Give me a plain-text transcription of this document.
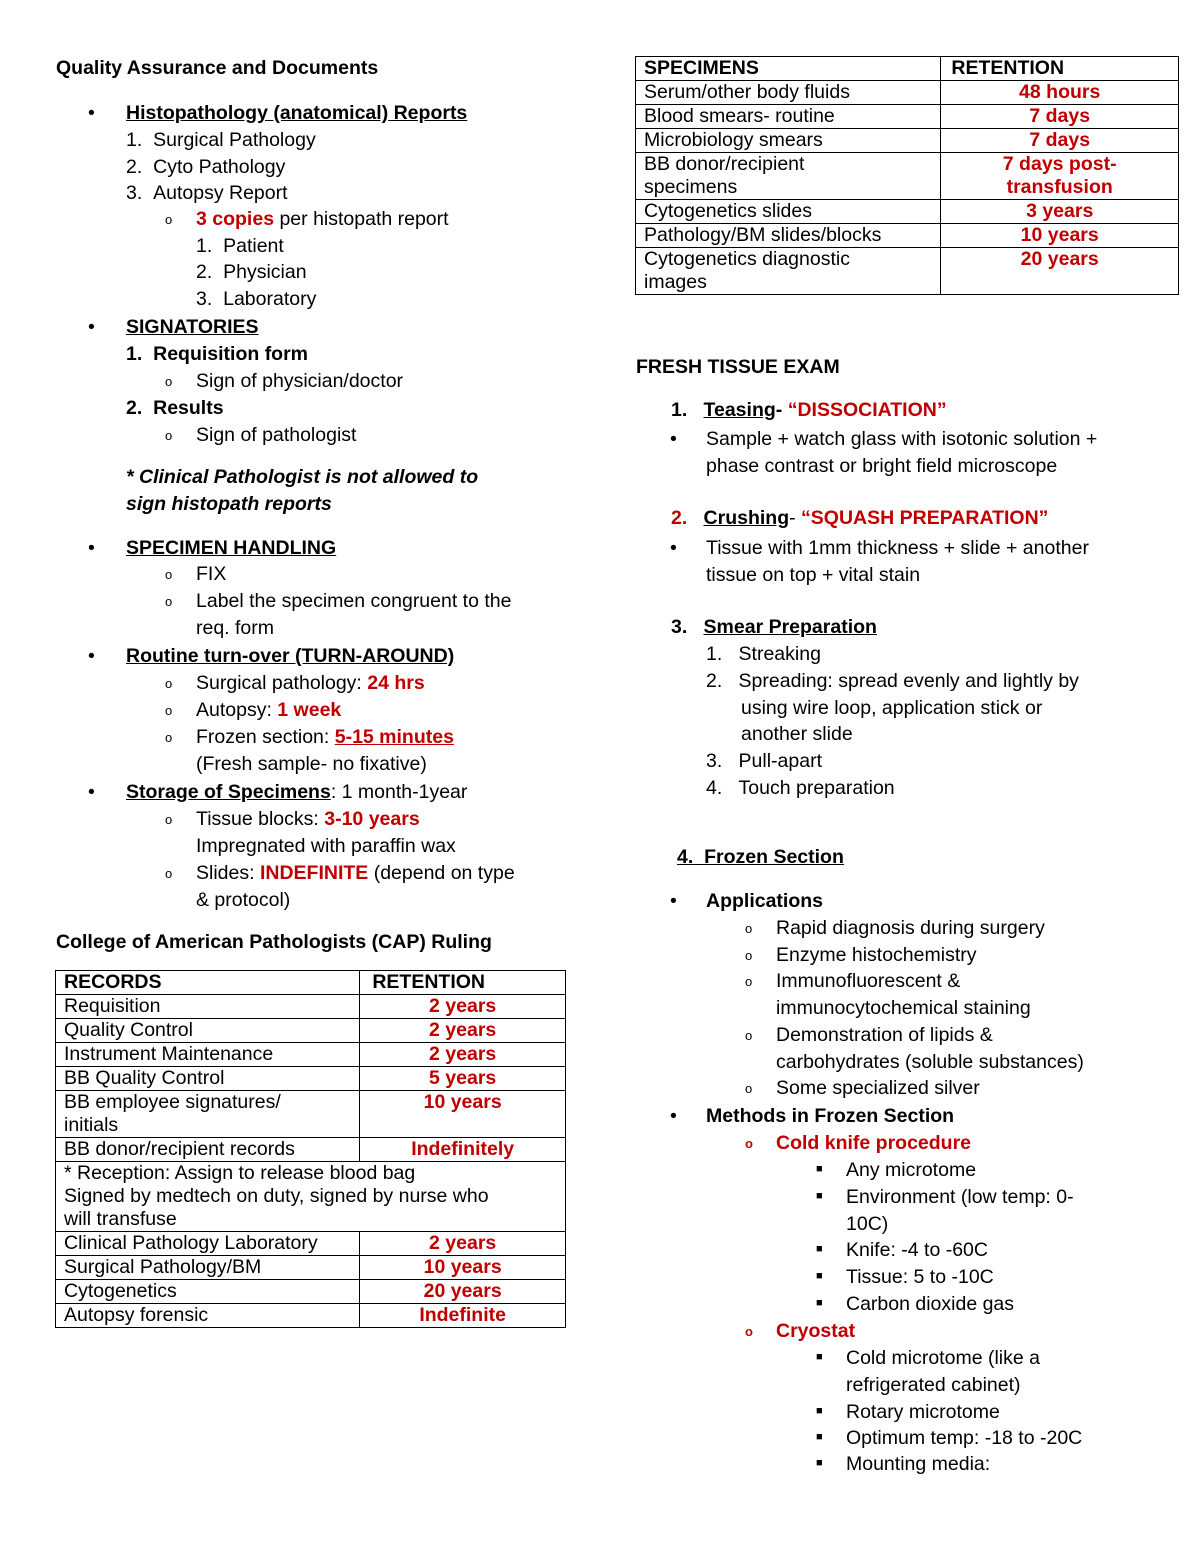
Quality Assurance and Documents
•
Histopathology (anatomical) Reports
1.  Surgical Pathology
2.  Cyto Pathology
3.  Autopsy Report
o 3 copies per histopath report
1.  Patient
2.  Physician
3.  Laboratory
•
SIGNATORIES
1.  Requisition form
o Sign of physician/doctor
2.  Results
o Sign of pathologist
* Clinical Pathologist is not allowed to
sign histopath reports
•
SPECIMEN HANDLING
o FIX
o Label the specimen congruent to the
req. form
•
Routine turn-over (TURN-AROUND)
o Surgical pathology: 24 hrs
o Autopsy: 1 week
o Frozen section: 5-15 minutes
(Fresh sample- no fixative)
•
Storage of Specimens: 1 month-1year
o Tissue blocks: 3-10 years
Impregnated with paraffin wax
o Slides: INDEFINITE (depend on type
& protocol)
College of American Pathologists (CAP) Ruling
RECORDS	RETENTION
Requisition	2 years
Quality Control	2 years
Instrument Maintenance	2 years
BB Quality Control	5 years
BB employee signatures/
initials	10 years
BB donor/recipient records	Indefinitely
* Reception: Assign to release blood bag
Signed by medtech on duty, signed by nurse who
will transfuse	
Clinical Pathology Laboratory	2 years
Surgical Pathology/BM	10 years
Cytogenetics	20 years
Autopsy forensic	Indefinite
SPECIMENS	RETENTION
Serum/other body fluids	48 hours
Blood smears- routine	7 days
Microbiology smears	7 days
BB donor/recipient
specimens	7 days post-
transfusion
Cytogenetics slides	3 years
Pathology/BM slides/blocks	10 years
Cytogenetics diagnostic
images	20 years
FRESH TISSUE EXAM
1. Teasing- “DISSOCIATION”
•
Sample + watch glass with isotonic solution +
phase contrast or bright field microscope
2. Crushing- “SQUASH PREPARATION”
•
Tissue with 1mm thickness + slide + another
tissue on top + vital stain
3. Smear Preparation
1.   Streaking
2.   Spreading: spread evenly and lightly by
using wire loop, application stick or
another slide
3.   Pull-apart
4.   Touch preparation
4. Frozen Section
•
Applications
o Rapid diagnosis during surgery
o Enzyme histochemistry
o Immunofluorescent &
immunocytochemical staining
o Demonstration of lipids &
carbohydrates (soluble substances)
o Some specialized silver
•
Methods in Frozen Section
o Cold knife procedure
■ Any microtome
■ Environment (low temp: 0-
10C)
■ Knife: -4 to -60C
■ Tissue: 5 to -10C
■ Carbon dioxide gas
o Cryostat
■ Cold microtome (like a
refrigerated cabinet)
■ Rotary microtome
■ Optimum temp: -18 to -20C
■ Mounting media:
